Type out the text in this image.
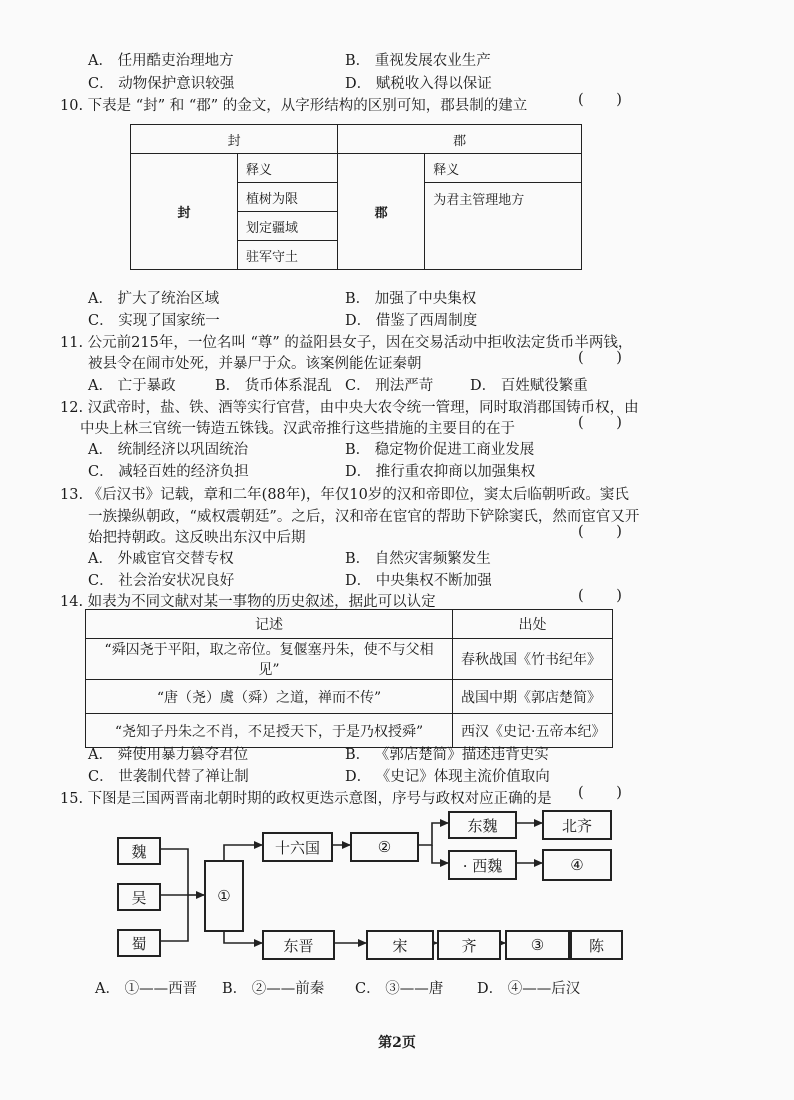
A． 任用酷吏治理地方	B． 重视发展农业生产
C． 动物保护意识较强	D． 赋税收入得以保证
10. 下表是 “封” 和 “郡” 的金文，从字形结构的区别可知，郡县制的建立	( )
封		郡	
封	释义	郡	释义
	植树为限		为君主管理地方
	划定疆域		
	驻军守土		
A． 扩大了统治区域	B． 加强了中央集权
C． 实现了国家统一	D． 借鉴了西周制度
11. 公元前215年，一位名叫 “尊” 的益阳县女子，因在交易活动中拒收法定货币半两钱，
被县令在闹市处死，并暴尸于众。该案例能佐证秦朝	( )
A． 亡于暴政	B． 货币体系混乱 C． 刑法严苛	D． 百姓赋役繁重
12. 汉武帝时，盐、铁、酒等实行官营，由中央大农令统一管理，同时取消郡国铸币权，由
中央上林三官统一铸造五铢钱。汉武帝推行这些措施的主要目的在于	( )
A． 统制经济以巩固统治	B． 稳定物价促进工商业发展
C． 减轻百姓的经济负担	D． 推行重农抑商以加强集权
13. 《后汉书》记载，章和二年(88年)，年仅10岁的汉和帝即位，窦太后临朝听政。窦氏
一族操纵朝政，“威权震朝廷”。之后，汉和帝在宦官的帮助下铲除窦氏，然而宦官又开
始把持朝政。这反映出东汉中后期	( )
A． 外戚宦官交替专权	B． 自然灾害频繁发生
C． 社会治安状况良好	D． 中央集权不断加强
14. 如表为不同文献对某一事物的历史叙述，据此可以认定	( )
记述	出处
“舜囚尧于平阳，取之帝位。复偃塞丹朱，使不与父相见”	春秋战国《竹书纪年》
“唐（尧）虞（舜）之道，禅而不传”	战国中期《郭店楚简》
“尧知子丹朱之不肖，不足授天下，于是乃权授舜”	西汉《史记·五帝本纪》
A． 舜使用暴力篡夺君位	B． 《郭店楚简》描述违背史实
C． 世袭制代替了禅让制	D． 《史记》体现主流价值取向
15. 下图是三国两晋南北朝时期的政权更迭示意图，序号与政权对应正确的是 ( )
魏
吴
蜀
①
十六国	②
东魏
· 西魏
北齐
④
东晋	宋	齐	③	陈
A． ①——西晋 B． ②——前秦 C． ③——唐 D． ④——后汉
第2页
